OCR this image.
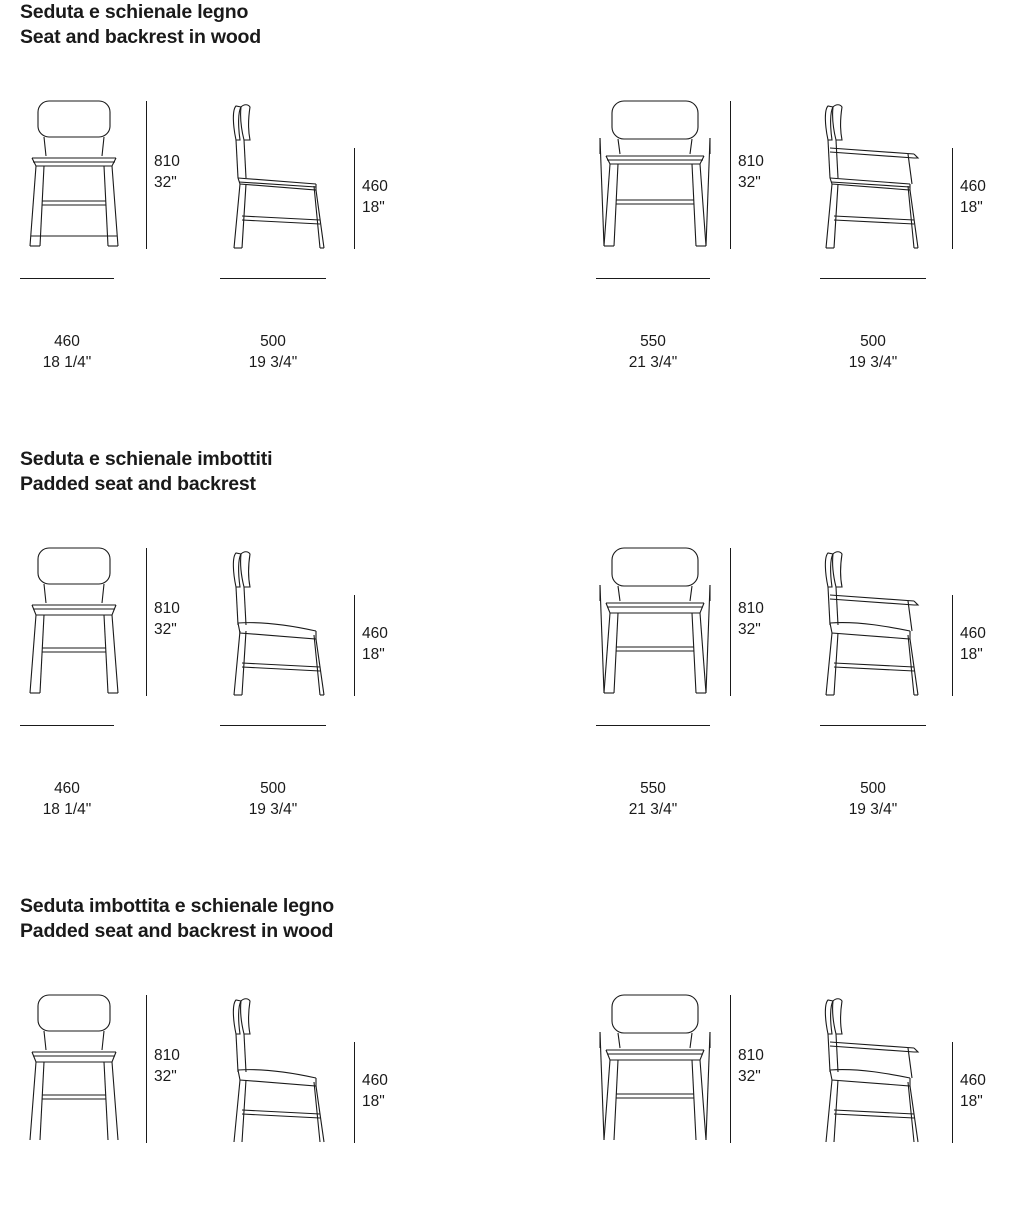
Seduta e schienale legno
Seat and backrest in wood
810
32"
460
18 1/4"
460
18"
500
19 3/4"
810
32"
550
21 3/4"
460
18"
500
19 3/4"
Seduta e schienale imbottiti
Padded seat and backrest
810
32"
460
18 1/4"
460
18"
500
19 3/4"
810
32"
550
21 3/4"
460
18"
500
19 3/4"
Seduta imbottita e schienale legno
Padded seat and backrest in wood
810
32"	460
18"
810
32"	460
18"
